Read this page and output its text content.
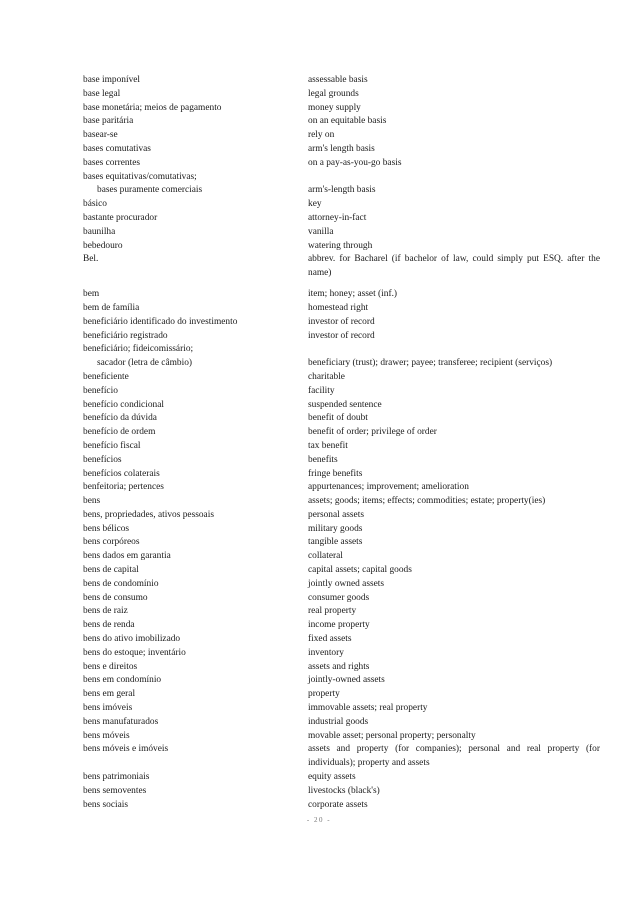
base imponível	assessable basis
base legal	legal grounds
base monetária; meios de pagamento	money supply
base paritária	on an equitable basis
basear-se	rely on
bases comutativas	arm's length basis
bases correntes	on a pay-as-you-go basis
bases equitativas/comutativas;
bases puramente comerciais	arm's-length basis
básico	key
bastante procurador	attorney-in-fact
baunilha	vanilla
bebedouro	watering through
Bel.	abbrev. for Bacharel (if bachelor of law, could simply put ESQ. after the name)
bem	item; honey; asset (inf.)
bem de família	homestead right
beneficiário identificado do investimento	investor of record
beneficiário registrado	investor of record
beneficiário; fideicomissário;
sacador (letra de câmbio)	beneficiary (trust); drawer; payee; transferee; recipient (serviços)
beneficiente	charitable
benefício	facility
benefício condicional	suspended sentence
benefício da dúvida	benefit of doubt
benefício de ordem	benefit of order; privilege of order
benefício fiscal	tax benefit
benefícios	benefits
benefícios colaterais	fringe benefits
benfeitoria; pertences	appurtenances; improvement; amelioration
bens	assets; goods; items; effects; commodities; estate; property(ies)
bens, propriedades, ativos pessoais	personal assets
bens bélicos	military goods
bens corpóreos	tangible assets
bens dados em garantia	collateral
bens de capital	capital assets; capital goods
bens de condomínio	jointly owned assets
bens de consumo	consumer goods
bens de raiz	real property
bens de renda	income property
bens do ativo imobilizado	fixed assets
bens do estoque; inventário	inventory
bens e direitos	assets and rights
bens em condomínio	jointly-owned assets
bens em geral	property
bens imóveis	immovable assets; real property
bens manufaturados	industrial goods
bens móveis	movable asset; personal property; personalty
bens móveis e imóveis	assets and property (for companies); personal and real property (for individuals); property and assets
bens patrimoniais	equity assets
bens semoventes	livestocks (black's)
bens sociais	corporate assets
- 20 -
